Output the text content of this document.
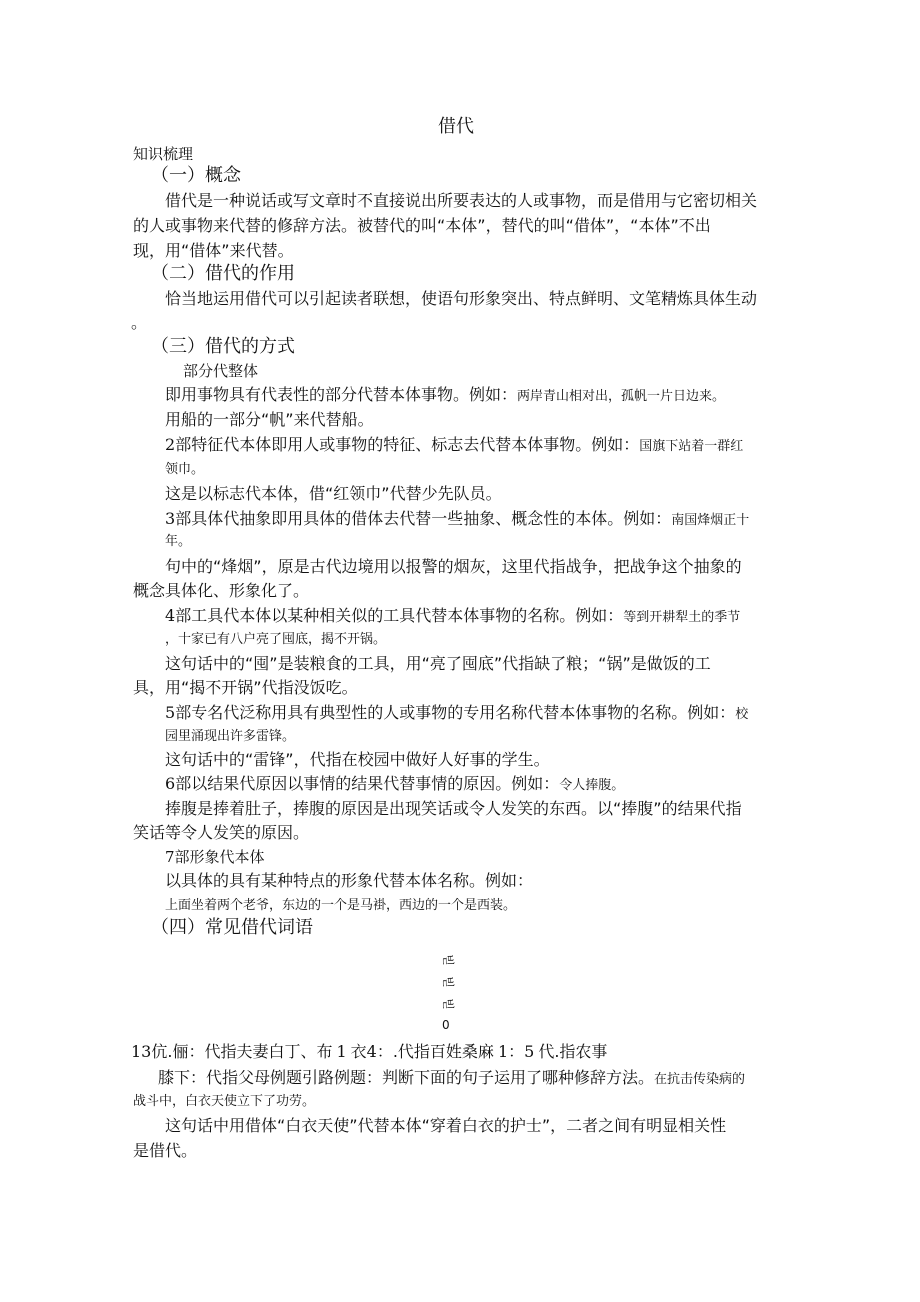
借代
知识梳理
（一）概念
借代是一种说话或写文章时不直接说出所要表达的人或事物，而是借用与它密切相关
的人或事物来代替的修辞方法。被替代的叫“本体”，替代的叫“借体”，“本体”不出
现，用“借体”来代替。
（二）借代的作用
恰当地运用借代可以引起读者联想，使语句形象突出、特点鲜明、文笔精炼具体生动
。
（三）借代的方式
部分代整体
即用事物具有代表性的部分代替本体事物。例如：两岸青山相对出，孤帆一片日边来。
用船的一部分“帆”来代替船。
2部特征代本体即用人或事物的特征、标志去代替本体事物。例如：国旗下站着一群红
领巾。
这是以标志代本体，借“红领巾”代替少先队员。
3部具体代抽象即用具体的借体去代替一些抽象、概念性的本体。例如：南国烽烟正十
年。
句中的“烽烟”，原是古代边境用以报警的烟灰，这里代指战争，把战争这个抽象的
概念具体化、形象化了。
4部工具代本体以某种相关似的工具代替本体事物的名称。例如：等到开耕犁土的季节
，十家已有八户亮了囤底，揭不开锅。
这句话中的“囤”是装粮食的工具，用“亮了囤底”代指缺了粮；“锅”是做饭的工
具，用“揭不开锅”代指没饭吃。
5部专名代泛称用具有典型性的人或事物的专用名称代替本体事物的名称。例如：校
园里涌现出许多雷锋。
这句话中的“雷锋”，代指在校园中做好人好事的学生。
6部以结果代原因以事情的结果代替事情的原因。例如：令人捧腹。
捧腹是捧着肚子，捧腹的原因是出现笑话或令人发笑的东西。以“捧腹”的结果代指
笑话等令人发笑的原因。
7部形象代本体
以具体的具有某种特点的形象代替本体名称。例如：
上面坐着两个老爷，东边的一个是马褂，西边的一个是西装。
（四）常见借代词语
빋
빋
빋
0
13伉.俪：代指夫妻白丁、布 1 衣4：.代指百姓桑麻 1：5 代.指农事
膝下：代指父母例题引路例题：判断下面的句子运用了哪种修辞方法。在抗击传染病的
战斗中，白衣天使立下了功劳。
这句话中用借体“白衣天使”代替本体“穿着白衣的护士”，二者之间有明显相关性
是借代。
